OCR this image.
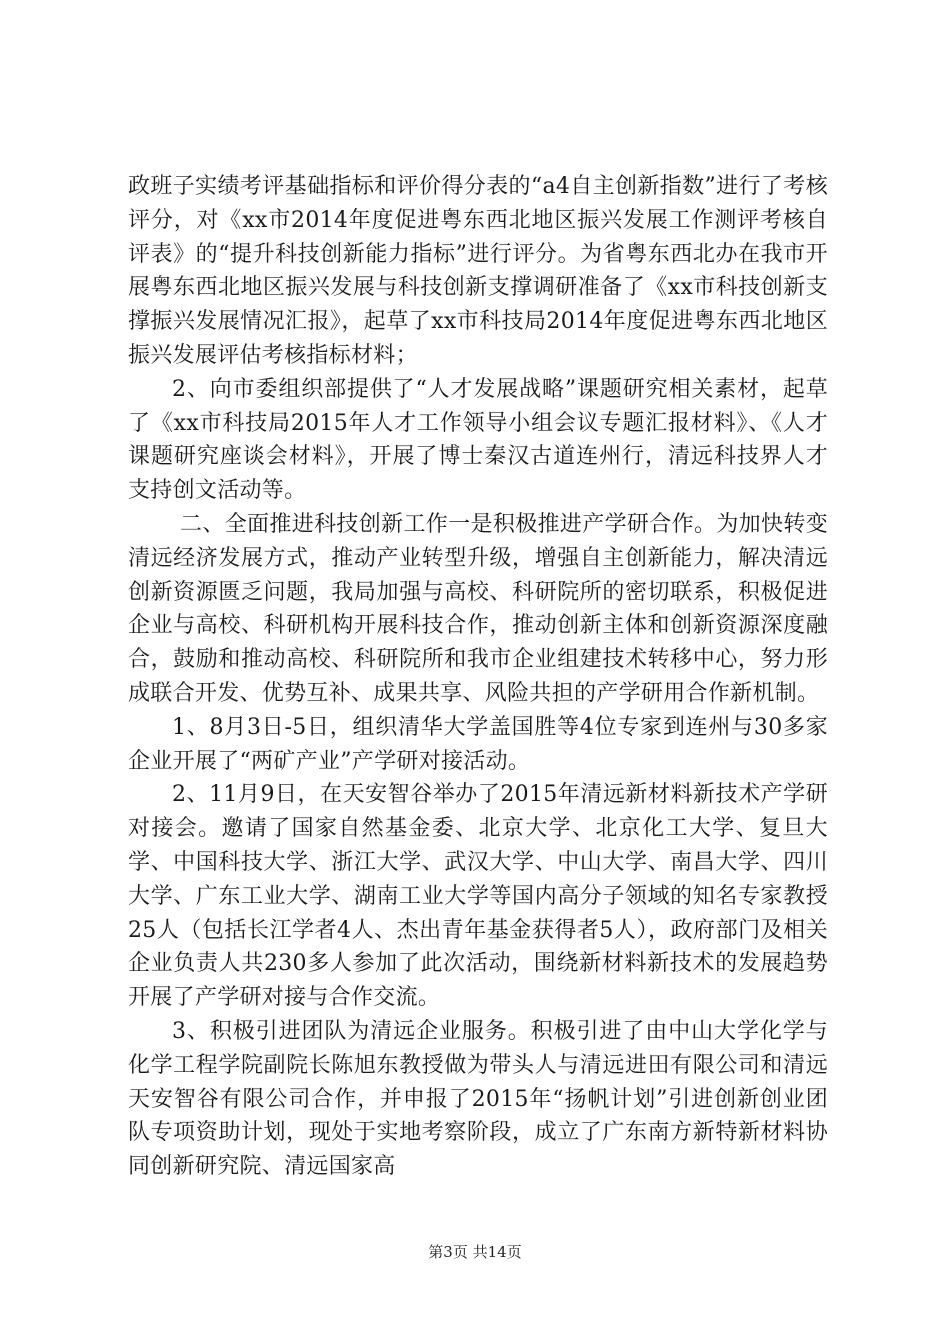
政班子实绩考评基础指标和评价得分表的“a4自主创新指数”进行了考核评分，对《xx市2014年度促进粤东西北地区振兴发展工作测评考核自评表》的“提升科技创新能力指标”进行评分。为省粤东西北办在我市开展粤东西北地区振兴发展与科技创新支撑调研准备了《xx市科技创新支撑振兴发展情况汇报》，起草了xx市科技局2014年度促进粤东西北地区振兴发展评估考核指标材料；

2、向市委组织部提供了“人才发展战略”课题研究相关素材，起草了《xx市科技局2015年人才工作领导小组会议专题汇报材料》、《人才课题研究座谈会材料》，开展了博士秦汉古道连州行，清远科技界人才支持创文活动等。

二、全面推进科技创新工作一是积极推进产学研合作。为加快转变清远经济发展方式，推动产业转型升级，增强自主创新能力，解决清远创新资源匮乏问题，我局加强与高校、科研院所的密切联系，积极促进企业与高校、科研机构开展科技合作，推动创新主体和创新资源深度融合，鼓励和推动高校、科研院所和我市企业组建技术转移中心，努力形成联合开发、优势互补、成果共享、风险共担的产学研用合作新机制。

1、8月3日-5日，组织清华大学盖国胜等4位专家到连州与30多家企业开展了“两矿产业”产学研对接活动。

2、11月9日，在天安智谷举办了2015年清远新材料新技术产学研对接会。邀请了国家自然基金委、北京大学、北京化工大学、复旦大学、中国科技大学、浙江大学、武汉大学、中山大学、南昌大学、四川大学、广东工业大学、湖南工业大学等国内高分子领域的知名专家教授25人（包括长江学者4人、杰出青年基金获得者5人），政府部门及相关企业负责人共230多人参加了此次活动，围绕新材料新技术的发展趋势开展了产学研对接与合作交流。

3、积极引进团队为清远企业服务。积极引进了由中山大学化学与化学工程学院副院长陈旭东教授做为带头人与清远进田有限公司和清远天安智谷有限公司合作，并申报了2015年“扬帆计划”引进创新创业团队专项资助计划，现处于实地考察阶段，成立了广东南方新特新材料协同创新研究院、清远国家高

第3页 共14页
